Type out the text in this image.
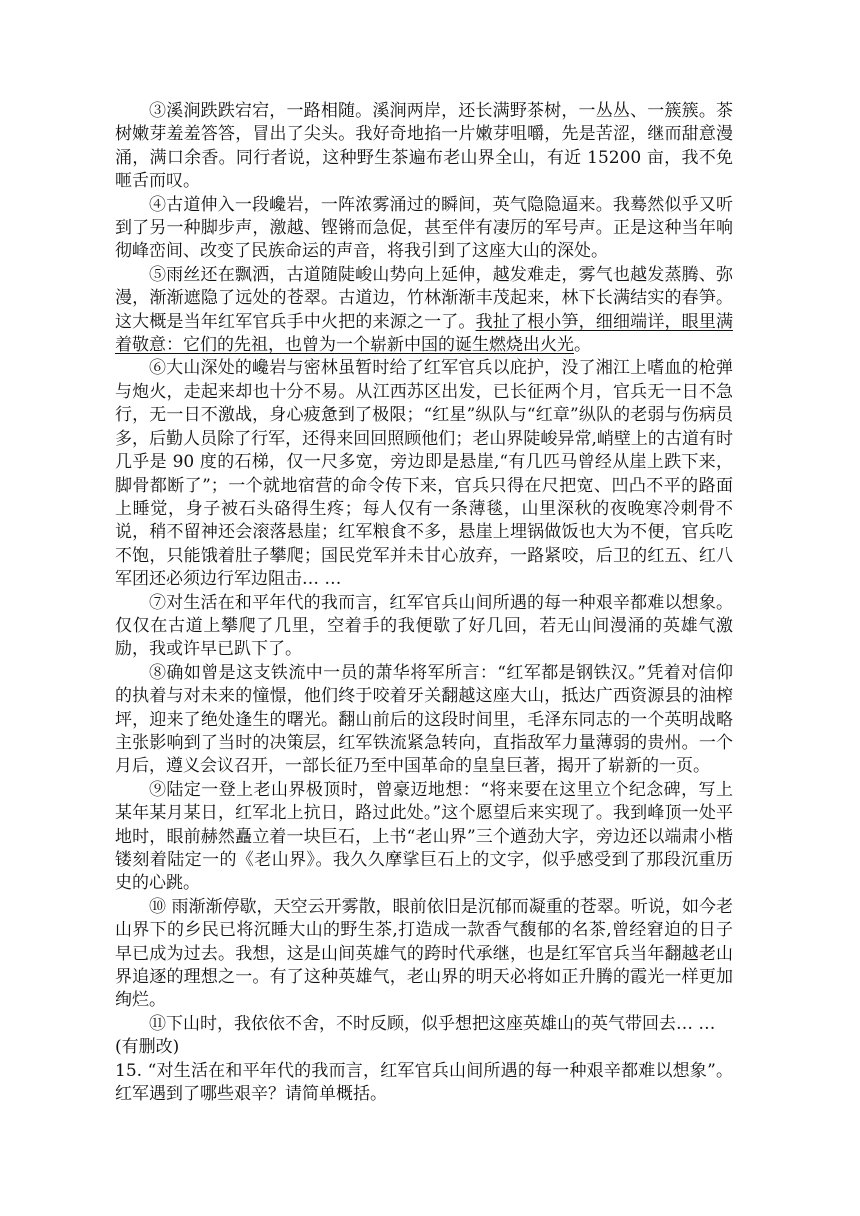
③溪涧跌跌宕宕，一路相随。溪涧两岸，还长满野茶树，一丛丛、一簇簇。茶树嫩芽羞羞答答，冒出了尖头。我好奇地掐一片嫩芽咀嚼，先是苦涩，继而甜意漫涌，满口余香。同行者说，这种野生茶遍布老山界全山，有近 15200 亩，我不免咂舌而叹。

④古道伸入一段巉岩，一阵浓雾涌过的瞬间，英气隐隐逼来。我蓦然似乎又听到了另一种脚步声，激越、铿锵而急促，甚至伴有凄厉的军号声。正是这种当年响彻峰峦间、改变了民族命运的声音，将我引到了这座大山的深处。

⑤雨丝还在飘洒，古道随陡峻山势向上延伸，越发难走，雾气也越发蒸腾、弥漫，渐渐遮隐了远处的苍翠。古道边，竹林渐渐丰茂起来，林下长满结实的春笋。这大概是当年红军官兵手中火把的来源之一了。我扯了根小笋，细细端详，眼里满着敬意：它们的先祖，也曾为一个崭新中国的诞生燃烧出火光。

⑥大山深处的巉岩与密林虽暂时给了红军官兵以庇护，没了湘江上嗜血的枪弹与炮火，走起来却也十分不易。从江西苏区出发，已长征两个月，官兵无一日不急行，无一日不激战，身心疲惫到了极限；“红星”纵队与“红章”纵队的老弱与伤病员多，后勤人员除了行军，还得来回回照顾他们；老山界陡峻异常,峭壁上的古道有时几乎是 90 度的石梯，仅一尺多宽，旁边即是悬崖,“有几匹马曾经从崖上跌下来，脚骨都断了”；一个就地宿营的命令传下来，官兵只得在尺把宽、凹凸不平的路面上睡觉，身子被石头硌得生疼；每人仅有一条薄毯，山里深秋的夜晚寒冷刺骨不说，稍不留神还会滚落悬崖；红军粮食不多，悬崖上埋锅做饭也大为不便，官兵吃不饱，只能饿着肚子攀爬；国民党军并未甘心放弃，一路紧咬，后卫的红五、红八军团还必须边行军边阻击… …

⑦对生活在和平年代的我而言，红军官兵山间所遇的每一种艰辛都难以想象。仅仅在古道上攀爬了几里，空着手的我便歇了好几回，若无山间漫涌的英雄气激励，我或许早已趴下了。

⑧确如曾是这支铁流中一员的萧华将军所言：“红军都是钢铁汉。”凭着对信仰的执着与对未来的憧憬，他们终于咬着牙关翻越这座大山，抵达广西资源县的油榨坪，迎来了绝处逢生的曙光。翻山前后的这段时间里，毛泽东同志的一个英明战略主张影响到了当时的决策层，红军铁流紧急转向，直指敌军力量薄弱的贵州。一个月后，遵义会议召开，一部长征乃至中国革命的皇皇巨著，揭开了崭新的一页。

⑨陆定一登上老山界极顶时，曾豪迈地想：“将来要在这里立个纪念碑，写上某年某月某日，红军北上抗日，路过此处。”这个愿望后来实现了。我到峰顶一处平地时，眼前赫然矗立着一块巨石，上书“老山界”三个遒劲大字，旁边还以端肃小楷镂刻着陆定一的《老山界》。我久久摩挲巨石上的文字，似乎感受到了那段沉重历史的心跳。

⑩ 雨渐渐停歇，天空云开雾散，眼前依旧是沉郁而凝重的苍翠。听说，如今老山界下的乡民已将沉睡大山的野生茶,打造成一款香气馥郁的名茶,曾经窘迫的日子早已成为过去。我想，这是山间英雄气的跨时代承继，也是红军官兵当年翻越老山界追逐的理想之一。有了这种英雄气，老山界的明天必将如正升腾的霞光一样更加绚烂。

⑪下山时，我依依不舍，不时反顾，似乎想把这座英雄山的英气带回去… …

(有删改)

15. “对生活在和平年代的我而言，红军官兵山间所遇的每一种艰辛都难以想象”。红军遇到了哪些艰辛？请简单概括。
